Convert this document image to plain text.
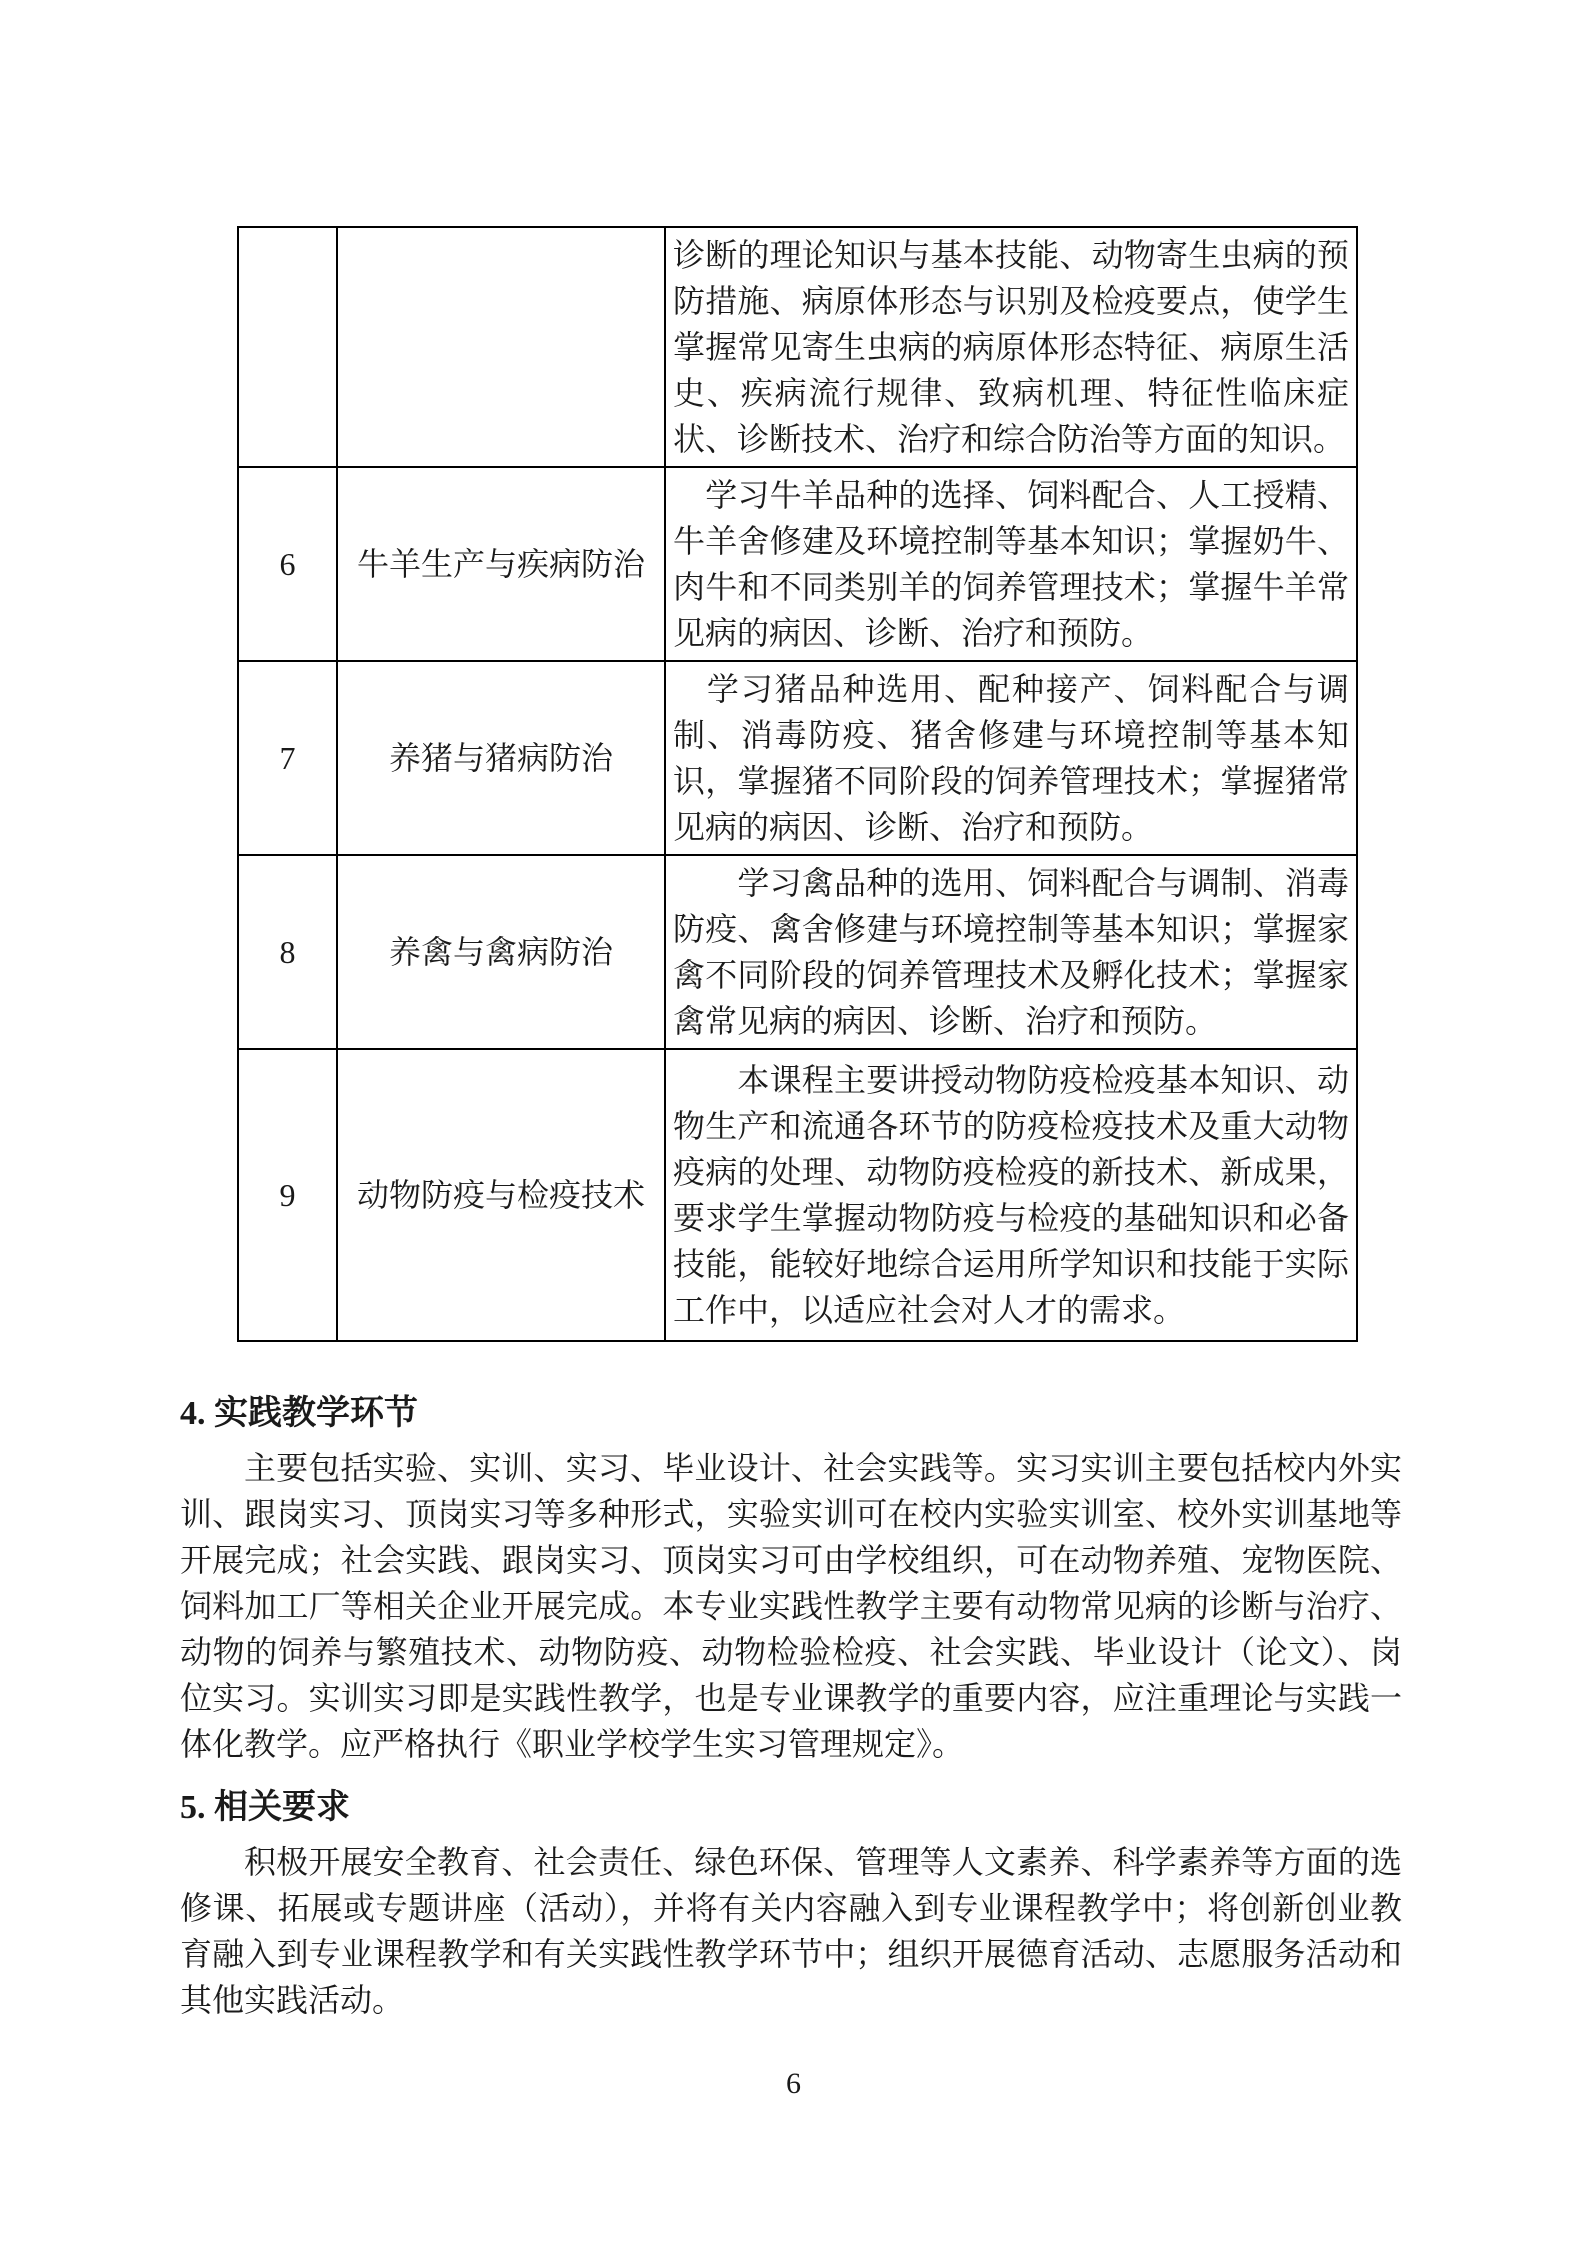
		诊断的理论知识与基本技能、动物寄生虫病的预防措施、病原体形态与识别及检疫要点，使学生掌握常见寄生虫病的病原体形态特征、病原生活史、疾病流行规律、致病机理、特征性临床症状、诊断技术、治疗和综合防治等方面的知识。
6	牛羊生产与疾病防治	　学习牛羊品种的选择、饲料配合、人工授精、牛羊舍修建及环境控制等基本知识；掌握奶牛、肉牛和不同类别羊的饲养管理技术；掌握牛羊常见病的病因、诊断、治疗和预防。
7	养猪与猪病防治	　学习猪品种选用、配种接产、饲料配合与调制、消毒防疫、猪舍修建与环境控制等基本知识，掌握猪不同阶段的饲养管理技术；掌握猪常见病的病因、诊断、治疗和预防。
8	养禽与禽病防治	　　学习禽品种的选用、饲料配合与调制、消毒防疫、禽舍修建与环境控制等基本知识；掌握家禽不同阶段的饲养管理技术及孵化技术；掌握家禽常见病的病因、诊断、治疗和预防。
9	动物防疫与检疫技术	　　本课程主要讲授动物防疫检疫基本知识、动物生产和流通各环节的防疫检疫技术及重大动物疫病的处理、动物防疫检疫的新技术、新成果，要求学生掌握动物防疫与检疫的基础知识和必备技能，能较好地综合运用所学知识和技能于实际工作中，以适应社会对人才的需求。
4. 实践教学环节

主要包括实验、实训、实习、毕业设计、社会实践等。实习实训主要包括校内外实训、跟岗实习、顶岗实习等多种形式，实验实训可在校内实验实训室、校外实训基地等开展完成；社会实践、跟岗实习、顶岗实习可由学校组织，可在动物养殖、宠物医院、饲料加工厂等相关企业开展完成。本专业实践性教学主要有动物常见病的诊断与治疗、动物的饲养与繁殖技术、动物防疫、动物检验检疫、社会实践、毕业设计（论文）、岗位实习。实训实习即是实践性教学，也是专业课教学的重要内容，应注重理论与实践一体化教学。应严格执行《职业学校学生实习管理规定》。

5. 相关要求

积极开展安全教育、社会责任、绿色环保、管理等人文素养、科学素养等方面的选修课、拓展或专题讲座（活动），并将有关内容融入到专业课程教学中；将创新创业教育融入到专业课程教学和有关实践性教学环节中；组织开展德育活动、志愿服务活动和其他实践活动。

6
